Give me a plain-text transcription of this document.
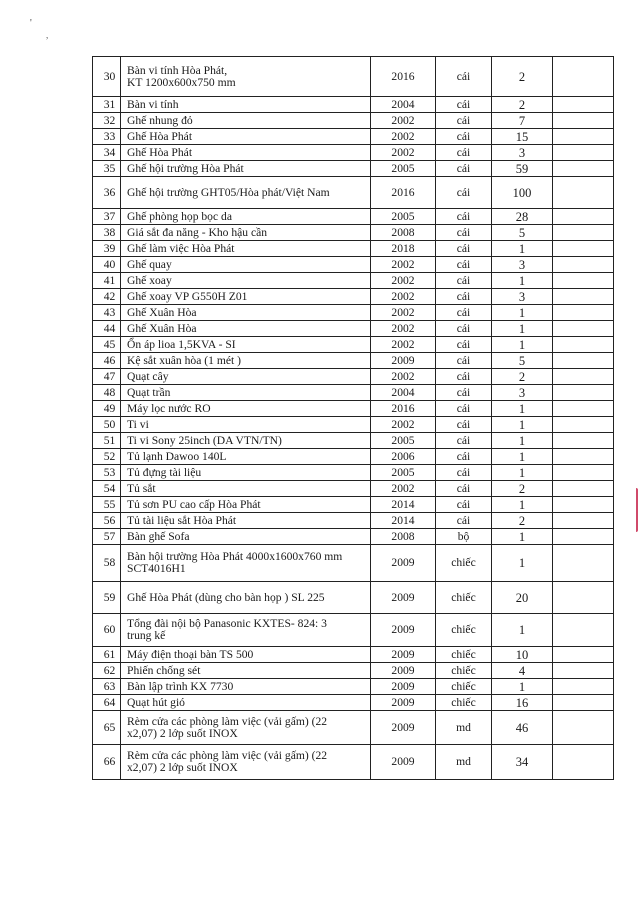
'
,
30	Bàn vi tính Hòa Phát,
KT 1200x600x750 mm	2016	cái	2	
31	Bàn vi tính	2004	cái	2	
32	Ghế nhung đỏ	2002	cái	7	
33	Ghế Hòa Phát	2002	cái	15	
34	Ghế Hòa Phát	2002	cái	3	
35	Ghế hội trường Hòa Phát	2005	cái	59	
36	Ghế hội trường GHT05/Hòa phát/Việt Nam	2016	cái	100	
37	Ghế phòng họp bọc da	2005	cái	28	
38	Giá sắt đa năng - Kho hậu cần	2008	cái	5	
39	Ghế làm việc Hòa Phát	2018	cái	1	
40	Ghế quay	2002	cái	3	
41	Ghế xoay	2002	cái	1	
42	Ghế xoay VP G550H Z01	2002	cái	3	
43	Ghế Xuân Hòa	2002	cái	1	
44	Ghế Xuân Hòa	2002	cái	1	
45	Ổn áp lioa 1,5KVA - SI	2002	cái	1	
46	Kệ sắt xuân hòa (1 mét )	2009	cái	5	
47	Quạt cây	2002	cái	2	
48	Quạt trần	2004	cái	3	
49	Máy lọc nước RO	2016	cái	1	
50	Ti vi	2002	cái	1	
51	Ti vi Sony 25inch (DA VTN/TN)	2005	cái	1	
52	Tủ lạnh Dawoo 140L	2006	cái	1	
53	Tủ đựng tài liệu	2005	cái	1	
54	Tủ sắt	2002	cái	2	
55	Tủ sơn PU cao cấp Hòa Phát	2014	cái	1	
56	Tủ tài liệu sắt Hòa Phát	2014	cái	2	
57	Bàn ghế Sofa	2008	bộ	1	
58	Bàn hội trường Hòa Phát 4000x1600x760 mm
SCT4016H1	2009	chiếc	1	
59	Ghế Hòa Phát (dùng cho bàn họp ) SL 225	2009	chiếc	20	
60	Tổng đài nội bộ Panasonic KXTES- 824: 3
trung kế	2009	chiếc	1	
61	Máy điện thoại bàn TS 500	2009	chiếc	10	
62	Phiến chống sét	2009	chiếc	4	
63	Bàn lập trình KX 7730	2009	chiếc	1	
64	Quạt hút gió	2009	chiếc	16	
65	Rèm cửa các phòng làm việc (vải gấm) (22
x2,07) 2 lớp suốt INOX	2009	md	46	
66	Rèm cửa các phòng làm việc (vải gấm) (22
x2,07) 2 lớp suốt INOX	2009	md	34	
